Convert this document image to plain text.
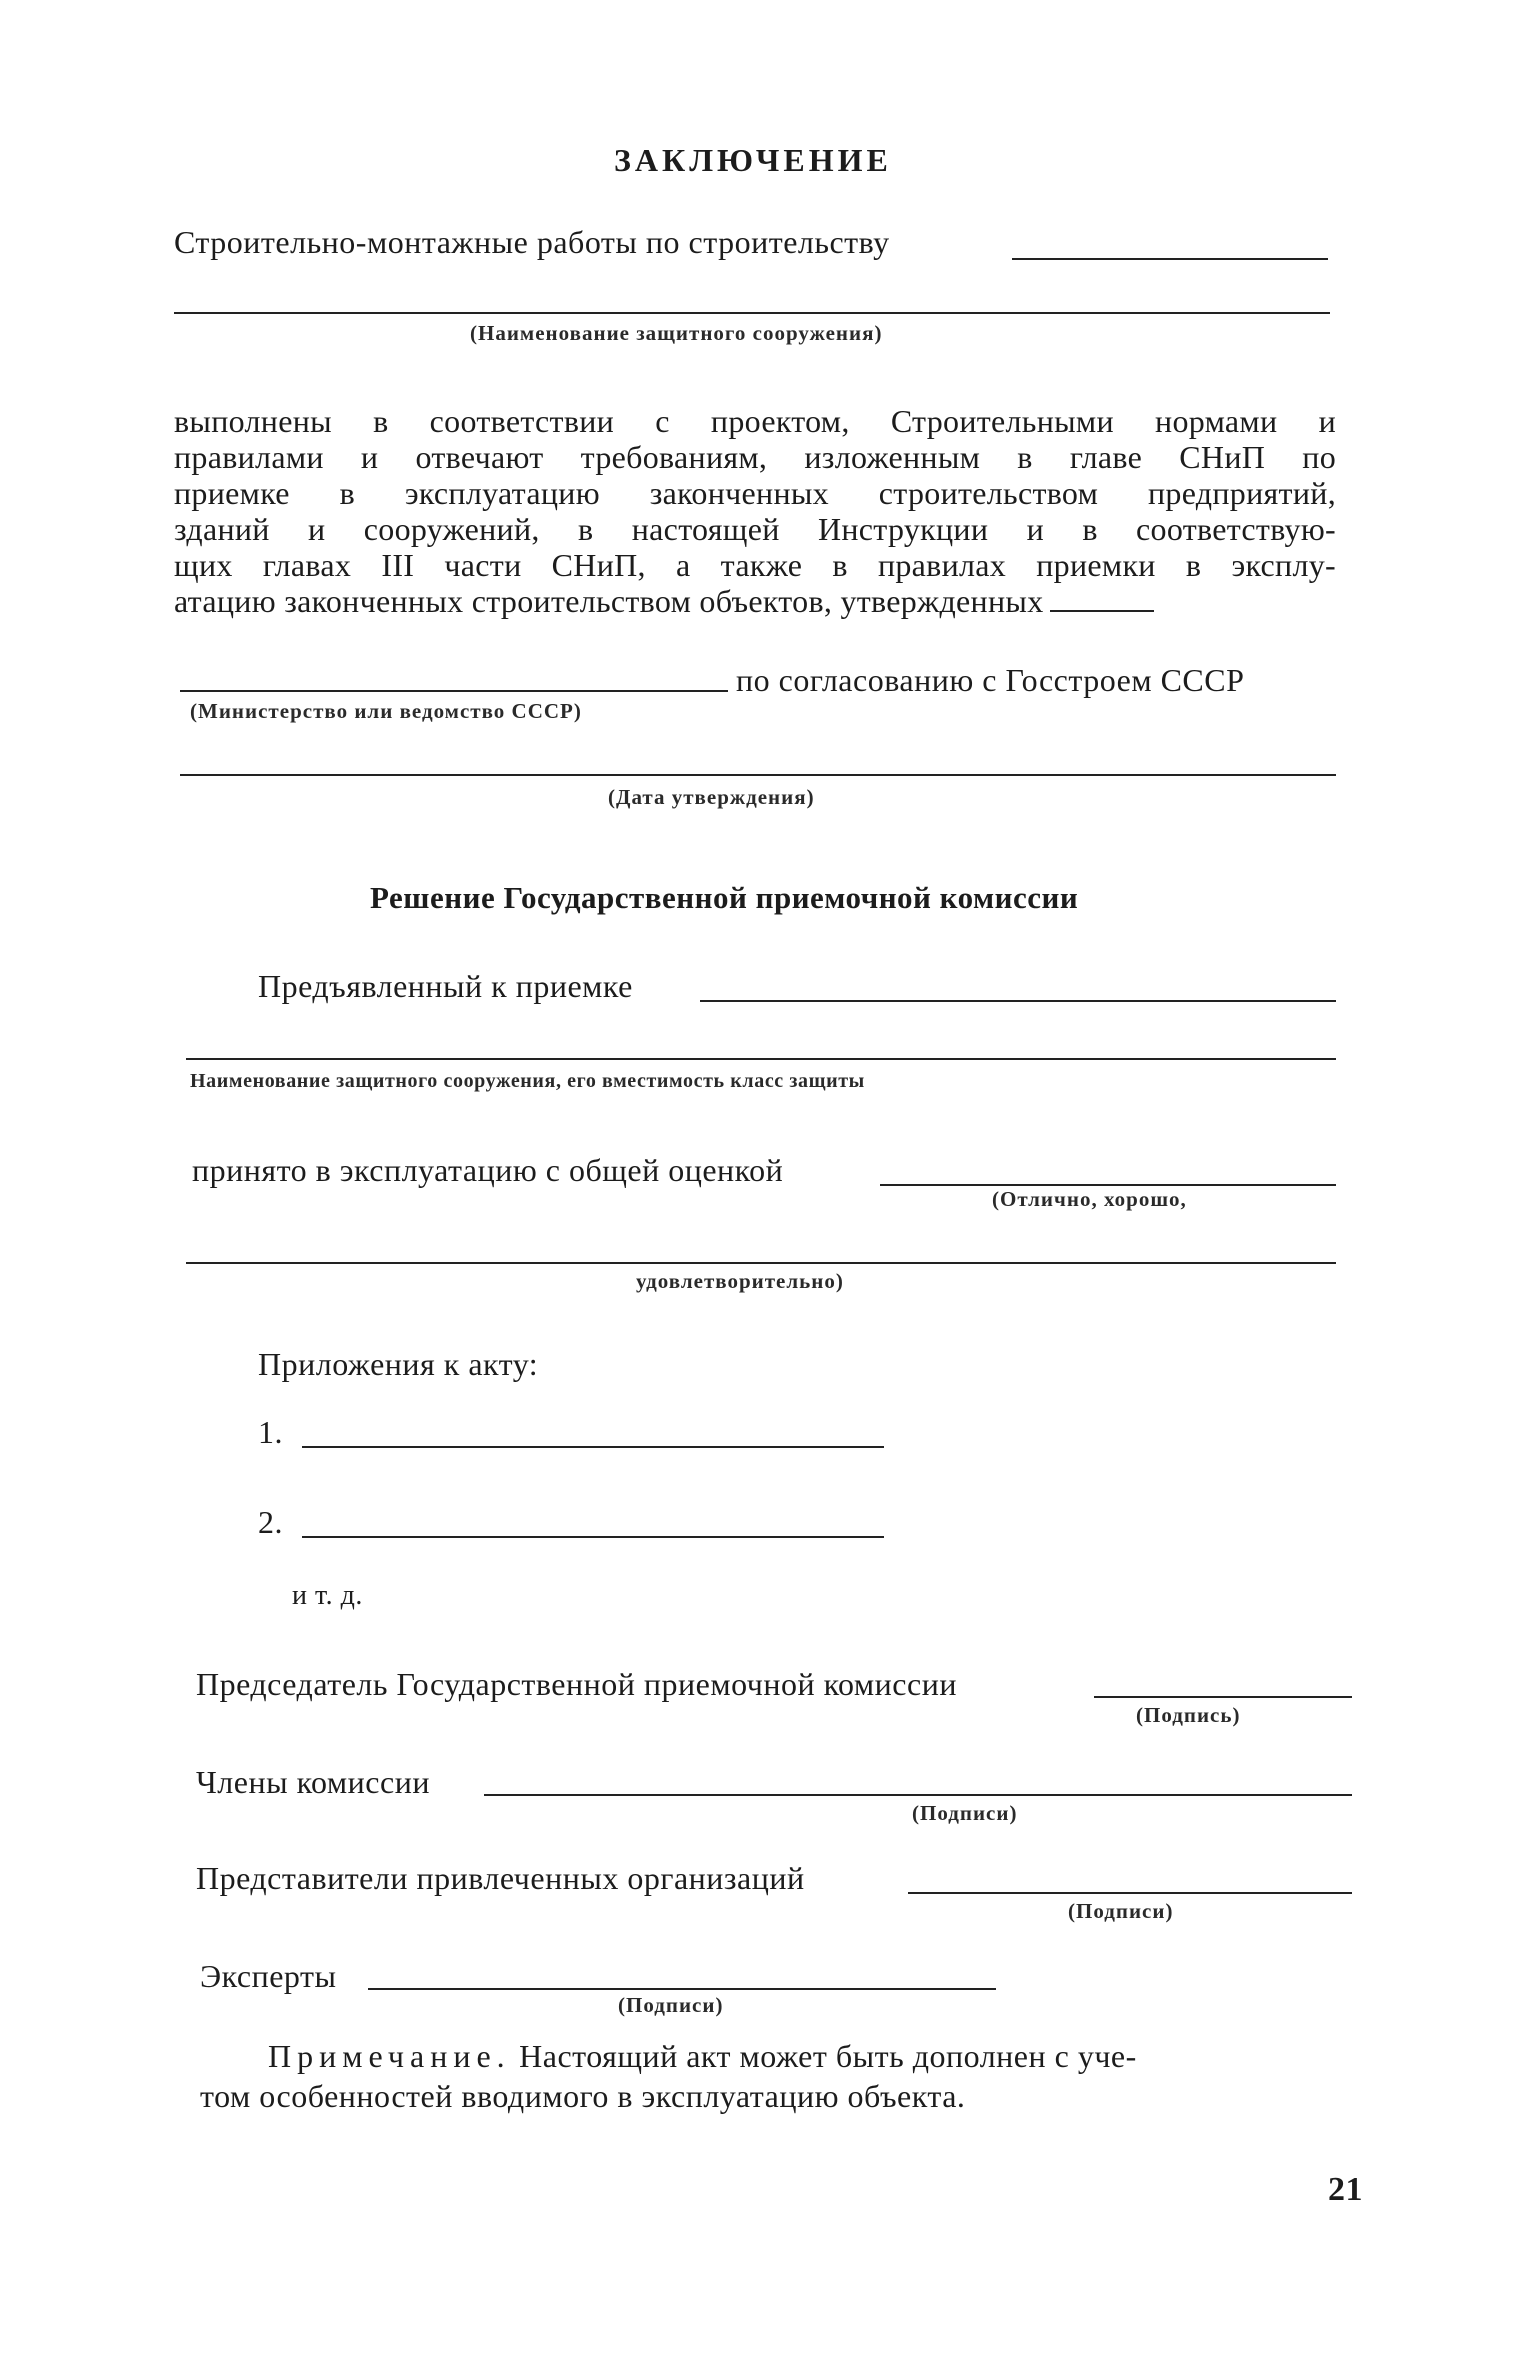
ЗАКЛЮЧЕНИЕ
Строительно-монтажные работы по строительству
(Наименование защитного сооружения)
выполнены в соответствии с проектом, Строительными нормами и
правилами и отвечают требованиям, изложенным в главе СНиП по
приемке в эксплуатацию законченных строительством предприятий,
зданий и сооружений, в настоящей Инструкции и в соответствую-
щих главах III части СНиП, а также в правилах приемки в эксплу-
атацию законченных строительством объектов, утвержденных
по согласованию с Госстроем СССР
(Министерство или ведомство СССР)
(Дата утверждения)
Решение Государственной приемочной комиссии
Предъявленный к приемке
Наименование защитного сооружения, его вместимость класс защиты
принято в эксплуатацию с общей оценкой
(Отлично, хорошо,
удовлетворительно)
Приложения к акту:
1.
2.
и т. д.
Председатель Государственной приемочной комиссии
(Подпись)
Члены комиссии
(Подписи)
Представители привлеченных организаций
(Подписи)
Эксперты
(Подписи)
Примечание. Настоящий акт может быть дополнен с уче-
том особенностей вводимого в эксплуатацию объекта.
21
